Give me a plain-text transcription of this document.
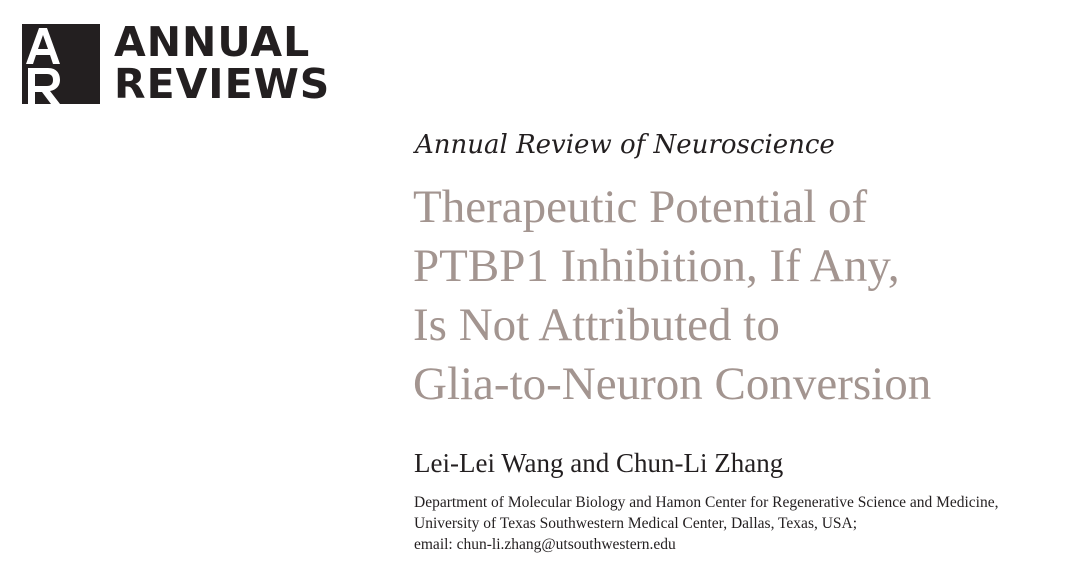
ANNUAL
REVIEWS
Annual Review of Neuroscience
Therapeutic Potential of
PTBP1 Inhibition, If Any,
Is Not Attributed to
Glia-to-Neuron Conversion
Lei-Lei Wang and Chun-Li Zhang
Department of Molecular Biology and Hamon Center for Regenerative Science and Medicine,
University of Texas Southwestern Medical Center, Dallas, Texas, USA;
email: chun-li.zhang@utsouthwestern.edu
